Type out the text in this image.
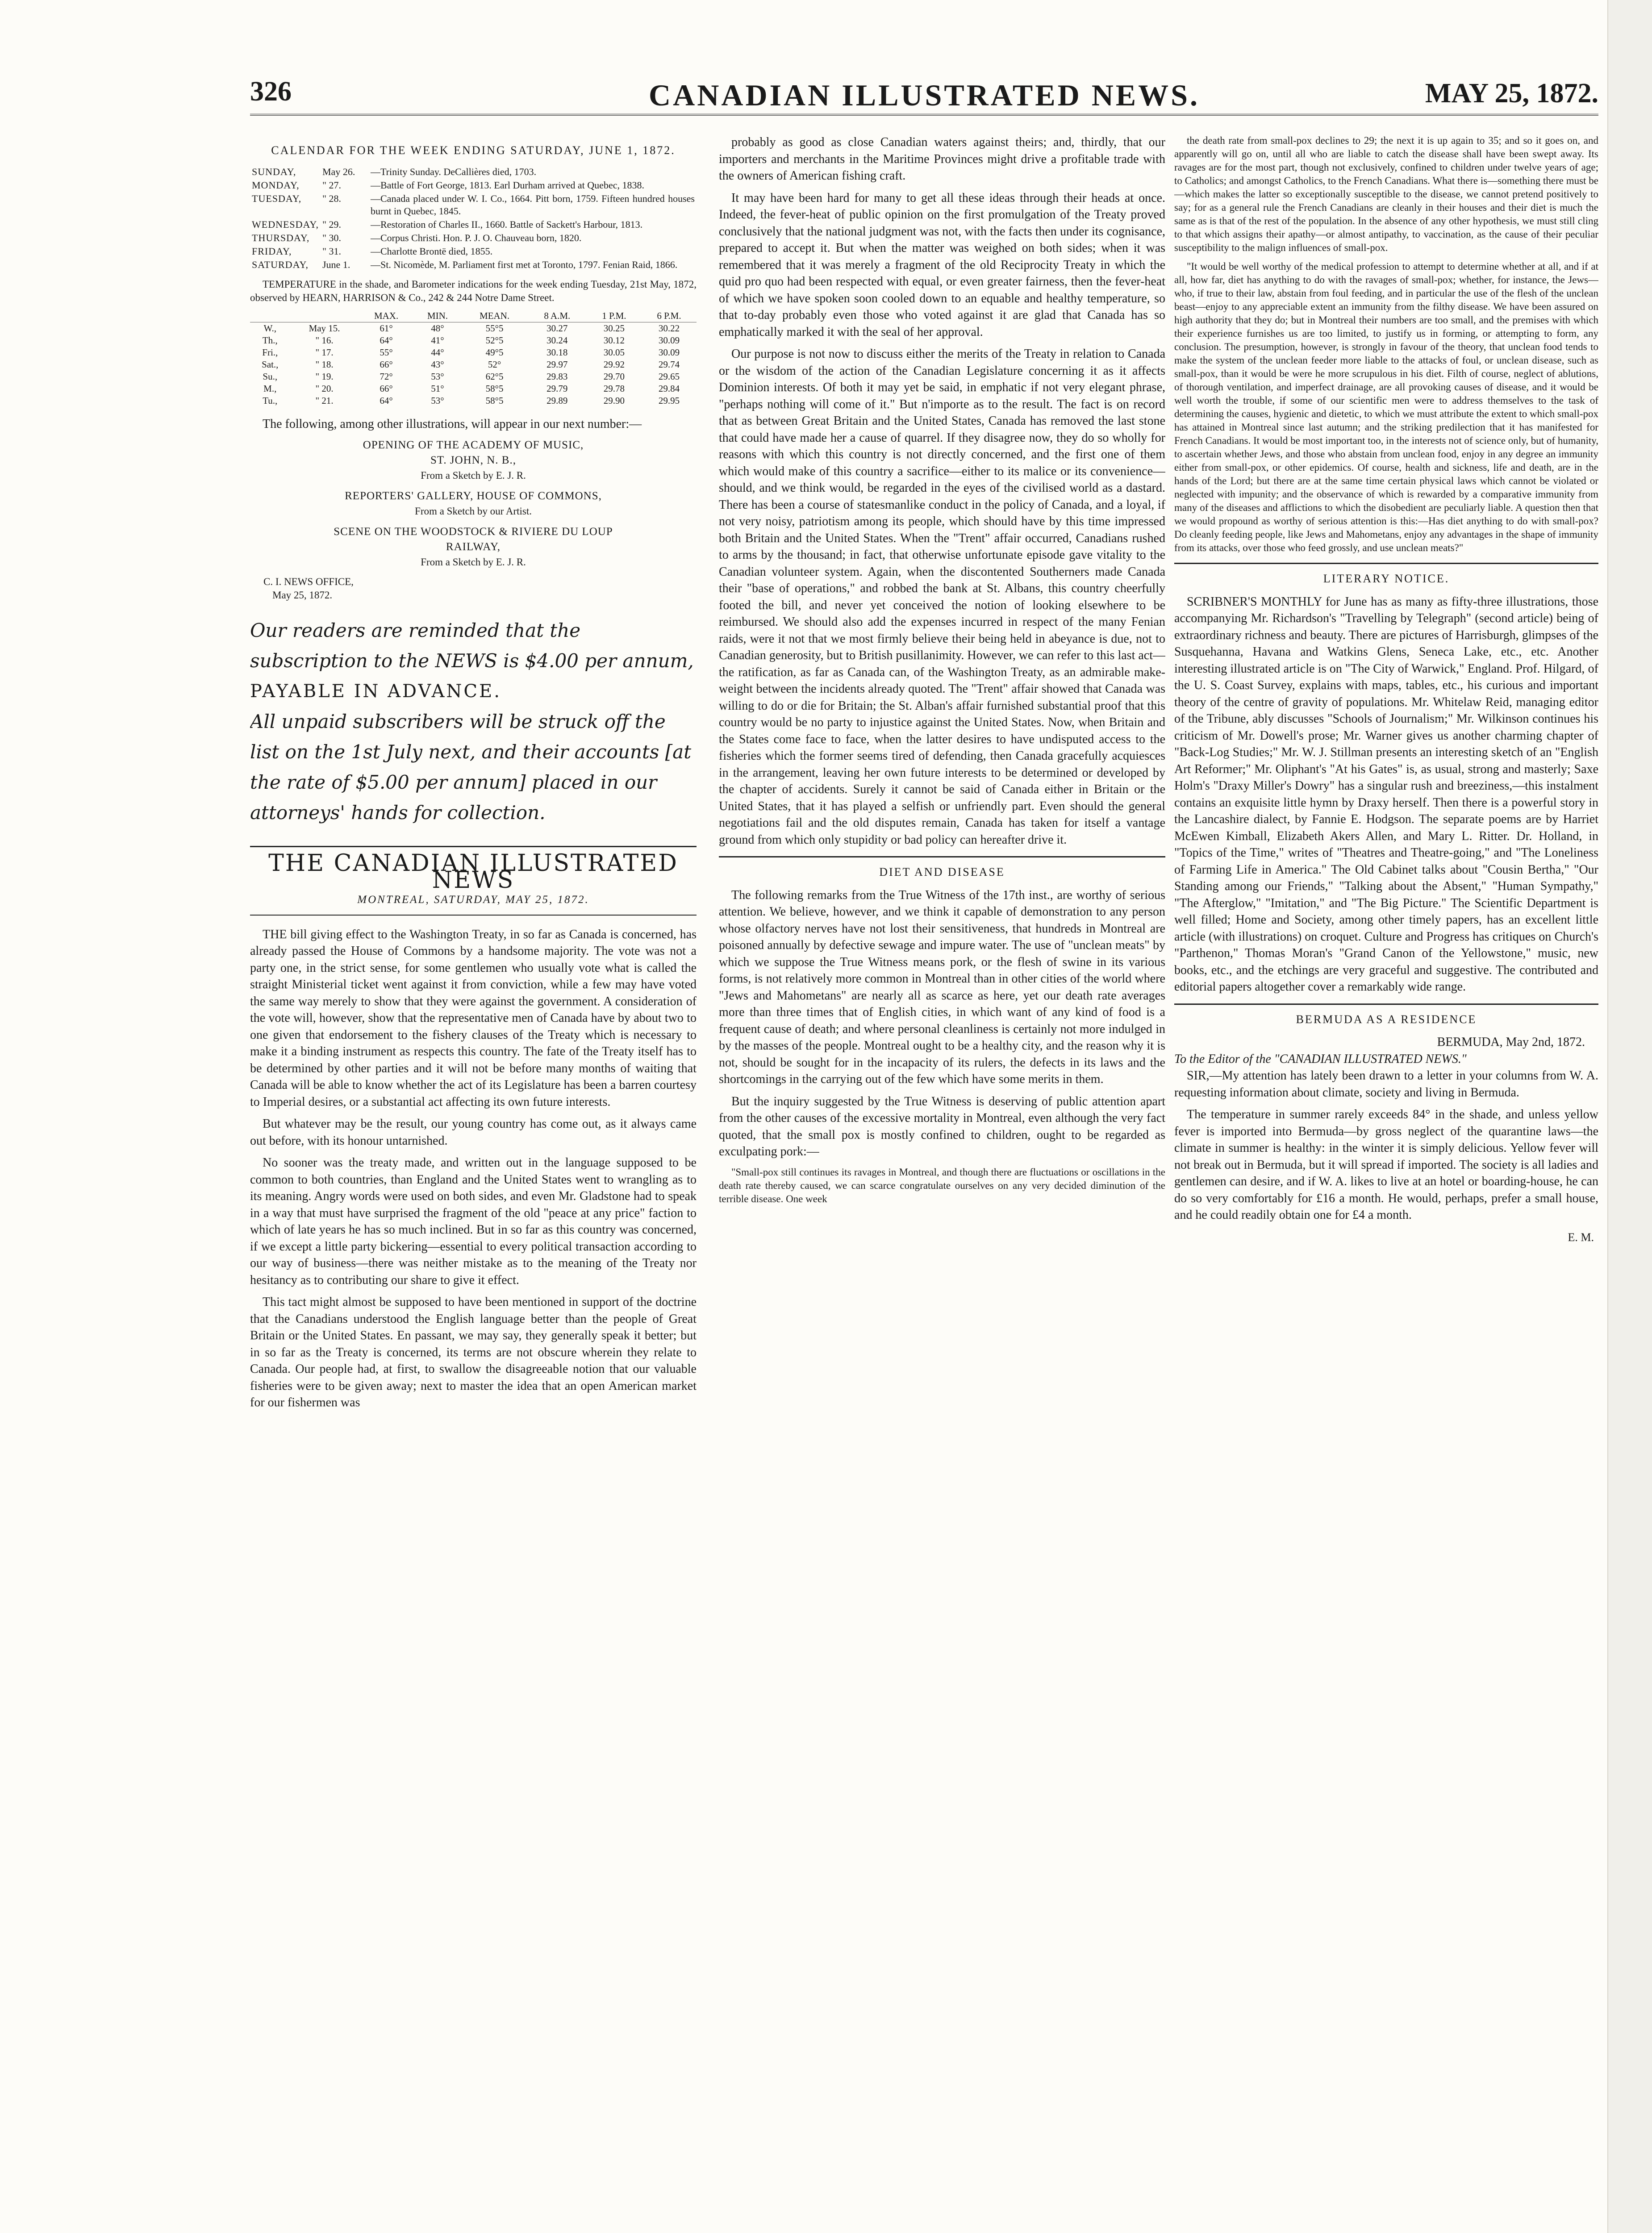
326	CANADIAN ILLUSTRATED NEWS.	MAY 25, 1872.
CALENDAR FOR THE WEEK ENDING SATURDAY, JUNE 1, 1872.
SUNDAY,	May 26.	—Trinity Sunday. DeCallières died, 1703.
MONDAY,	" 27.	—Battle of Fort George, 1813. Earl Durham arrived at Quebec, 1838.
TUESDAY,	" 28.	—Canada placed under W. I. Co., 1664. Pitt born, 1759. Fifteen hundred houses burnt in Quebec, 1845.
WEDNESDAY,	" 29.	—Restoration of Charles II., 1660. Battle of Sackett's Harbour, 1813.
THURSDAY,	" 30.	—Corpus Christi. Hon. P. J. O. Chauveau born, 1820.
FRIDAY,	" 31.	—Charlotte Brontë died, 1855.
SATURDAY,	June 1.	—St. Nicomède, M. Parliament first met at Toronto, 1797. Fenian Raid, 1866.

TEMPERATURE in the shade, and Barometer indications for the week ending Tuesday, 21st May, 1872, observed by HEARN, HARRISON & Co., 242 & 244 Notre Dame Street.

		MAX.	MIN.	MEAN.	8 A.M.	1 P.M.	6 P.M.
W.,	May 15.	61°	48°	55°5	30.27	30.25	30.22
Th.,	" 16.	64°	41°	52°5	30.24	30.12	30.09
Fri.,	" 17.	55°	44°	49°5	30.18	30.05	30.09
Sat.,	" 18.	66°	43°	52°	29.97	29.92	29.74
Su.,	" 19.	72°	53°	62°5	29.83	29.70	29.65
M.,	" 20.	66°	51°	58°5	29.79	29.78	29.84
Tu.,	" 21.	64°	53°	58°5	29.89	29.90	29.95

The following, among other illustrations, will appear in our next number:—

OPENING OF THE ACADEMY OF MUSIC,
ST. JOHN, N. B.,
From a Sketch by E. J. R.
REPORTERS' GALLERY, HOUSE OF COMMONS,
From a Sketch by our Artist.
SCENE ON THE WOODSTOCK & RIVIERE DU LOUP
RAILWAY,
From a Sketch by E. J. R.
C. I. NEWS OFFICE,
May 25, 1872.
Our readers are reminded that the subscription to the NEWS is $4.00 per annum,
PAYABLE IN ADVANCE.
All unpaid subscribers will be struck off the list on the 1st July next, and their accounts [at the rate of $5.00 per annum] placed in our attorneys' hands for collection.
THE CANADIAN ILLUSTRATED NEWS
MONTREAL, SATURDAY, MAY 25, 1872.

THE bill giving effect to the Washington Treaty, in so far as Canada is concerned, has already passed the House of Commons by a handsome majority. The vote was not a party one, in the strict sense, for some gentlemen who usually vote what is called the straight Ministerial ticket went against it from conviction, while a few may have voted the same way merely to show that they were against the government. A consideration of the vote will, however, show that the representative men of Canada have by about two to one given that endorsement to the fishery clauses of the Treaty which is necessary to make it a binding instrument as respects this country. The fate of the Treaty itself has to be determined by other parties and it will not be before many months of waiting that Canada will be able to know whether the act of its Legislature has been a barren courtesy to Imperial desires, or a substantial act affecting its own future interests.

But whatever may be the result, our young country has come out, as it always came out before, with its honour untarnished.

No sooner was the treaty made, and written out in the language supposed to be common to both countries, than England and the United States went to wrangling as to its meaning. Angry words were used on both sides, and even Mr. Gladstone had to speak in a way that must have surprised the fragment of the old "peace at any price" faction to which of late years he has so much inclined. But in so far as this country was concerned, if we except a little party bickering—essential to every political transaction according to our way of business—there was neither mistake as to the meaning of the Treaty nor hesitancy as to contributing our share to give it effect.

This tact might almost be supposed to have been mentioned in support of the doctrine that the Canadians understood the English language better than the people of Great Britain or the United States. En passant, we may say, they generally speak it better; but in so far as the Treaty is concerned, its terms are not obscure wherein they relate to Canada. Our people had, at first, to swallow the disagreeable notion that our valuable fisheries were to be given away; next to master the idea that an open American market for our fishermen was

probably as good as close Canadian waters against theirs; and, thirdly, that our importers and merchants in the Maritime Provinces might drive a profitable trade with the owners of American fishing craft.

It may have been hard for many to get all these ideas through their heads at once. Indeed, the fever-heat of public opinion on the first promulgation of the Treaty proved conclusively that the national judgment was not, with the facts then under its cognisance, prepared to accept it. But when the matter was weighed on both sides; when it was remembered that it was merely a fragment of the old Reciprocity Treaty in which the quid pro quo had been respected with equal, or even greater fairness, then the fever-heat of which we have spoken soon cooled down to an equable and healthy temperature, so that to-day probably even those who voted against it are glad that Canada has so emphatically marked it with the seal of her approval.

Our purpose is not now to discuss either the merits of the Treaty in relation to Canada or the wisdom of the action of the Canadian Legislature concerning it as it affects Dominion interests. Of both it may yet be said, in emphatic if not very elegant phrase, "perhaps nothing will come of it." But n'importe as to the result. The fact is on record that as between Great Britain and the United States, Canada has removed the last stone that could have made her a cause of quarrel. If they disagree now, they do so wholly for reasons with which this country is not directly concerned, and the first one of them which would make of this country a sacrifice—either to its malice or its convenience—should, and we think would, be regarded in the eyes of the civilised world as a dastard. There has been a course of statesmanlike conduct in the policy of Canada, and a loyal, if not very noisy, patriotism among its people, which should have by this time impressed both Britain and the United States. When the "Trent" affair occurred, Canadians rushed to arms by the thousand; in fact, that otherwise unfortunate episode gave vitality to the Canadian volunteer system. Again, when the discontented Southerners made Canada their "base of operations," and robbed the bank at St. Albans, this country cheerfully footed the bill, and never yet conceived the notion of looking elsewhere to be reimbursed. We should also add the expenses incurred in respect of the many Fenian raids, were it not that we most firmly believe their being held in abeyance is due, not to Canadian generosity, but to British pusillanimity. However, we can refer to this last act—the ratification, as far as Canada can, of the Washington Treaty, as an admirable make-weight between the incidents already quoted. The "Trent" affair showed that Canada was willing to do or die for Britain; the St. Alban's affair furnished substantial proof that this country would be no party to injustice against the United States. Now, when Britain and the States come face to face, when the latter desires to have undisputed access to the fisheries which the former seems tired of defending, then Canada gracefully acquiesces in the arrangement, leaving her own future interests to be determined or developed by the chapter of accidents. Surely it cannot be said of Canada either in Britain or the United States, that it has played a selfish or unfriendly part. Even should the general negotiations fail and the old disputes remain, Canada has taken for itself a vantage ground from which only stupidity or bad policy can hereafter drive it.

DIET AND DISEASE

The following remarks from the True Witness of the 17th inst., are worthy of serious attention. We believe, however, and we think it capable of demonstration to any person whose olfactory nerves have not lost their sensitiveness, that hundreds in Montreal are poisoned annually by defective sewage and impure water. The use of "unclean meats" by which we suppose the True Witness means pork, or the flesh of swine in its various forms, is not relatively more common in Montreal than in other cities of the world where "Jews and Mahometans" are nearly all as scarce as here, yet our death rate averages more than three times that of English cities, in which want of any kind of food is a frequent cause of death; and where personal cleanliness is certainly not more indulged in by the masses of the people. Montreal ought to be a healthy city, and the reason why it is not, should be sought for in the incapacity of its rulers, the defects in its laws and the shortcomings in the carrying out of the few which have some merits in them.

But the inquiry suggested by the True Witness is deserving of public attention apart from the other causes of the excessive mortality in Montreal, even although the very fact quoted, that the small pox is mostly confined to children, ought to be regarded as exculpating pork:—

"Small-pox still continues its ravages in Montreal, and though there are fluctuations or oscillations in the death rate thereby caused, we can scarce congratulate ourselves on any very decided diminution of the terrible disease. One week

the death rate from small-pox declines to 29; the next it is up again to 35; and so it goes on, and apparently will go on, until all who are liable to catch the disease shall have been swept away. Its ravages are for the most part, though not exclusively, confined to children under twelve years of age; to Catholics; and amongst Catholics, to the French Canadians. What there is—something there must be—which makes the latter so exceptionally susceptible to the disease, we cannot pretend positively to say; for as a general rule the French Canadians are cleanly in their houses and their diet is much the same as is that of the rest of the population. In the absence of any other hypothesis, we must still cling to that which assigns their apathy—or almost antipathy, to vaccination, as the cause of their peculiar susceptibility to the malign influences of small-pox.

"It would be well worthy of the medical profession to attempt to determine whether at all, and if at all, how far, diet has anything to do with the ravages of small-pox; whether, for instance, the Jews—who, if true to their law, abstain from foul feeding, and in particular the use of the flesh of the unclean beast—enjoy to any appreciable extent an immunity from the filthy disease. We have been assured on high authority that they do; but in Montreal their numbers are too small, and the premises with which their experience furnishes us are too limited, to justify us in forming, or attempting to form, any conclusion. The presumption, however, is strongly in favour of the theory, that unclean food tends to make the system of the unclean feeder more liable to the attacks of foul, or unclean disease, such as small-pox, than it would be were he more scrupulous in his diet. Filth of course, neglect of ablutions, of thorough ventilation, and imperfect drainage, are all provoking causes of disease, and it would be well worth the trouble, if some of our scientific men were to address themselves to the task of determining the causes, hygienic and dietetic, to which we must attribute the extent to which small-pox has attained in Montreal since last autumn; and the striking predilection that it has manifested for French Canadians. It would be most important too, in the interests not of science only, but of humanity, to ascertain whether Jews, and those who abstain from unclean food, enjoy in any degree an immunity either from small-pox, or other epidemics. Of course, health and sickness, life and death, are in the hands of the Lord; but there are at the same time certain physical laws which cannot be violated or neglected with impunity; and the observance of which is rewarded by a comparative immunity from many of the diseases and afflictions to which the disobedient are peculiarly liable. A question then that we would propound as worthy of serious attention is this:—Has diet anything to do with small-pox? Do cleanly feeding people, like Jews and Mahometans, enjoy any advantages in the shape of immunity from its attacks, over those who feed grossly, and use unclean meats?"

LITERARY NOTICE.

SCRIBNER'S MONTHLY for June has as many as fifty-three illustrations, those accompanying Mr. Richardson's "Travelling by Telegraph" (second article) being of extraordinary richness and beauty. There are pictures of Harrisburgh, glimpses of the Susquehanna, Havana and Watkins Glens, Seneca Lake, etc., etc. Another interesting illustrated article is on "The City of Warwick," England. Prof. Hilgard, of the U. S. Coast Survey, explains with maps, tables, etc., his curious and important theory of the centre of gravity of populations. Mr. Whitelaw Reid, managing editor of the Tribune, ably discusses "Schools of Journalism;" Mr. Wilkinson continues his criticism of Mr. Dowell's prose; Mr. Warner gives us another charming chapter of "Back-Log Studies;" Mr. W. J. Stillman presents an interesting sketch of an "English Art Reformer;" Mr. Oliphant's "At his Gates" is, as usual, strong and masterly; Saxe Holm's "Draxy Miller's Dowry" has a singular rush and breeziness,—this instalment contains an exquisite little hymn by Draxy herself. Then there is a powerful story in the Lancashire dialect, by Fannie E. Hodgson. The separate poems are by Harriet McEwen Kimball, Elizabeth Akers Allen, and Mary L. Ritter. Dr. Holland, in "Topics of the Time," writes of "Theatres and Theatre-going," and "The Loneliness of Farming Life in America." The Old Cabinet talks about "Cousin Bertha," "Our Standing among our Friends," "Talking about the Absent," "Human Sympathy," "The Afterglow," "Imitation," and "The Big Picture." The Scientific Department is well filled; Home and Society, among other timely papers, has an excellent little article (with illustrations) on croquet. Culture and Progress has critiques on Church's "Parthenon," Thomas Moran's "Grand Canon of the Yellowstone," music, new books, etc., and the etchings are very graceful and suggestive. The contributed and editorial papers altogether cover a remarkably wide range.

BERMUDA AS A RESIDENCE
BERMUDA, May 2nd, 1872.
To the Editor of the "CANADIAN ILLUSTRATED NEWS."

SIR,—My attention has lately been drawn to a letter in your columns from W. A. requesting information about climate, society and living in Bermuda.

The temperature in summer rarely exceeds 84° in the shade, and unless yellow fever is imported into Bermuda—by gross neglect of the quarantine laws—the climate in summer is healthy: in the winter it is simply delicious. Yellow fever will not break out in Bermuda, but it will spread if imported. The society is all ladies and gentlemen can desire, and if W. A. likes to live at an hotel or boarding-house, he can do so very comfortably for £16 a month. He would, perhaps, prefer a small house, and he could readily obtain one for £4 a month.

E. M.
